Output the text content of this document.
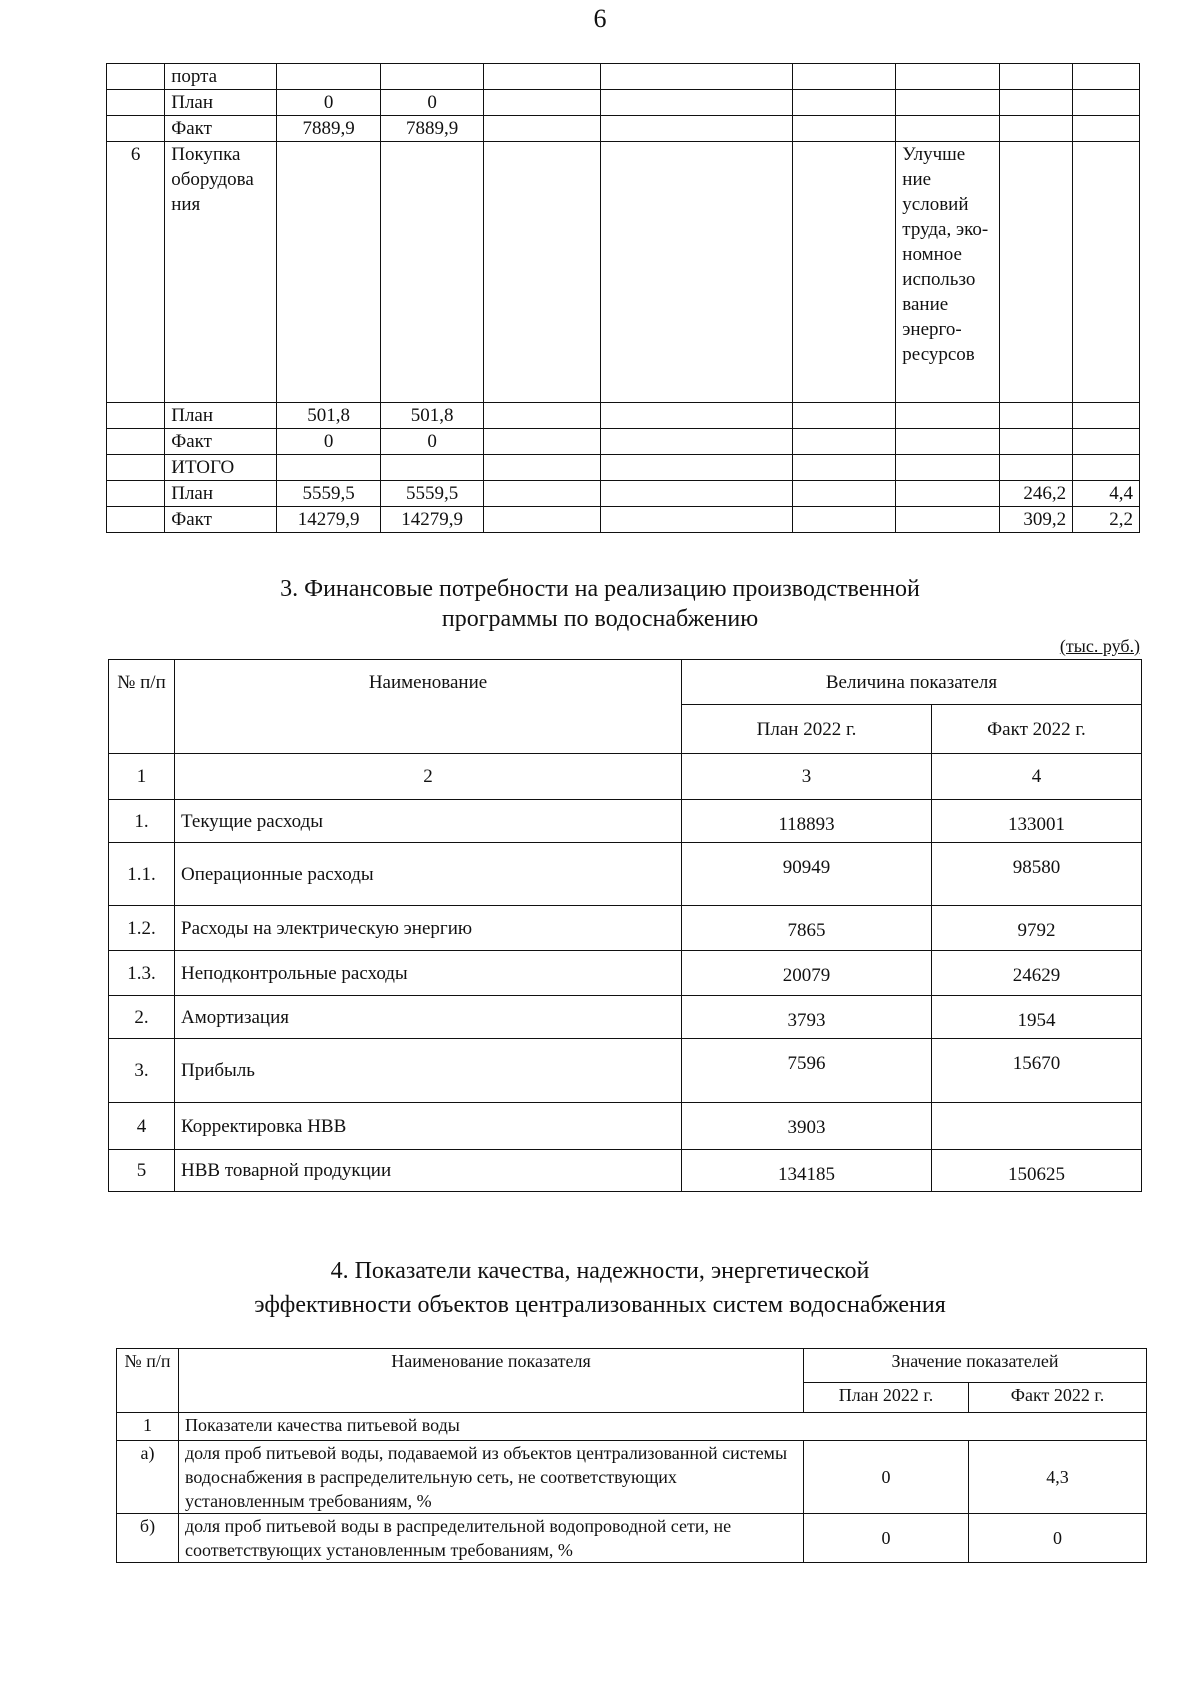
6
	порта								
	План	0	0						
	Факт	7889,9	7889,9						
6	Покупка оборудова ния						Улучше ние условий труда, эко- номное использо вание энерго- ресурсов		
	План	501,8	501,8						
	Факт	0	0						
	ИТОГО								
	План	5559,5	5559,5					246,2	4,4
	Факт	14279,9	14279,9					309,2	2,2
3. Финансовые потребности на реализацию производственной
программы по водоснабжению
(тыс. руб.)
№ п/п	Наименование	Величина показателя	
		План 2022 г.	Факт 2022 г.
1	2	3	4
1.	Текущие расходы	118893	133001
1.1.	Операционные расходы	90949	98580
1.2.	Расходы на электрическую энергию	7865	9792
1.3.	Неподконтрольные расходы	20079	24629
2.	Амортизация	3793	1954
3.	Прибыль	7596	15670
4	Корректировка НВВ	3903	
5	НВВ товарной продукции	134185	150625
4. Показатели качества, надежности, энергетической
эффективности объектов централизованных систем водоснабжения
№ п/п	Наименование показателя	Значение показателей	
		План 2022 г.	Факт 2022 г.
1	Показатели качества питьевой воды		
а)	доля проб питьевой воды, подаваемой из объектов централизованной системы водоснабжения в распределительную сеть, не соответствующих установленным требованиям, %	0	4,3
б)	доля проб питьевой воды в распределительной водопроводной сети, не соответствующих установленным требованиям, %	0	0
